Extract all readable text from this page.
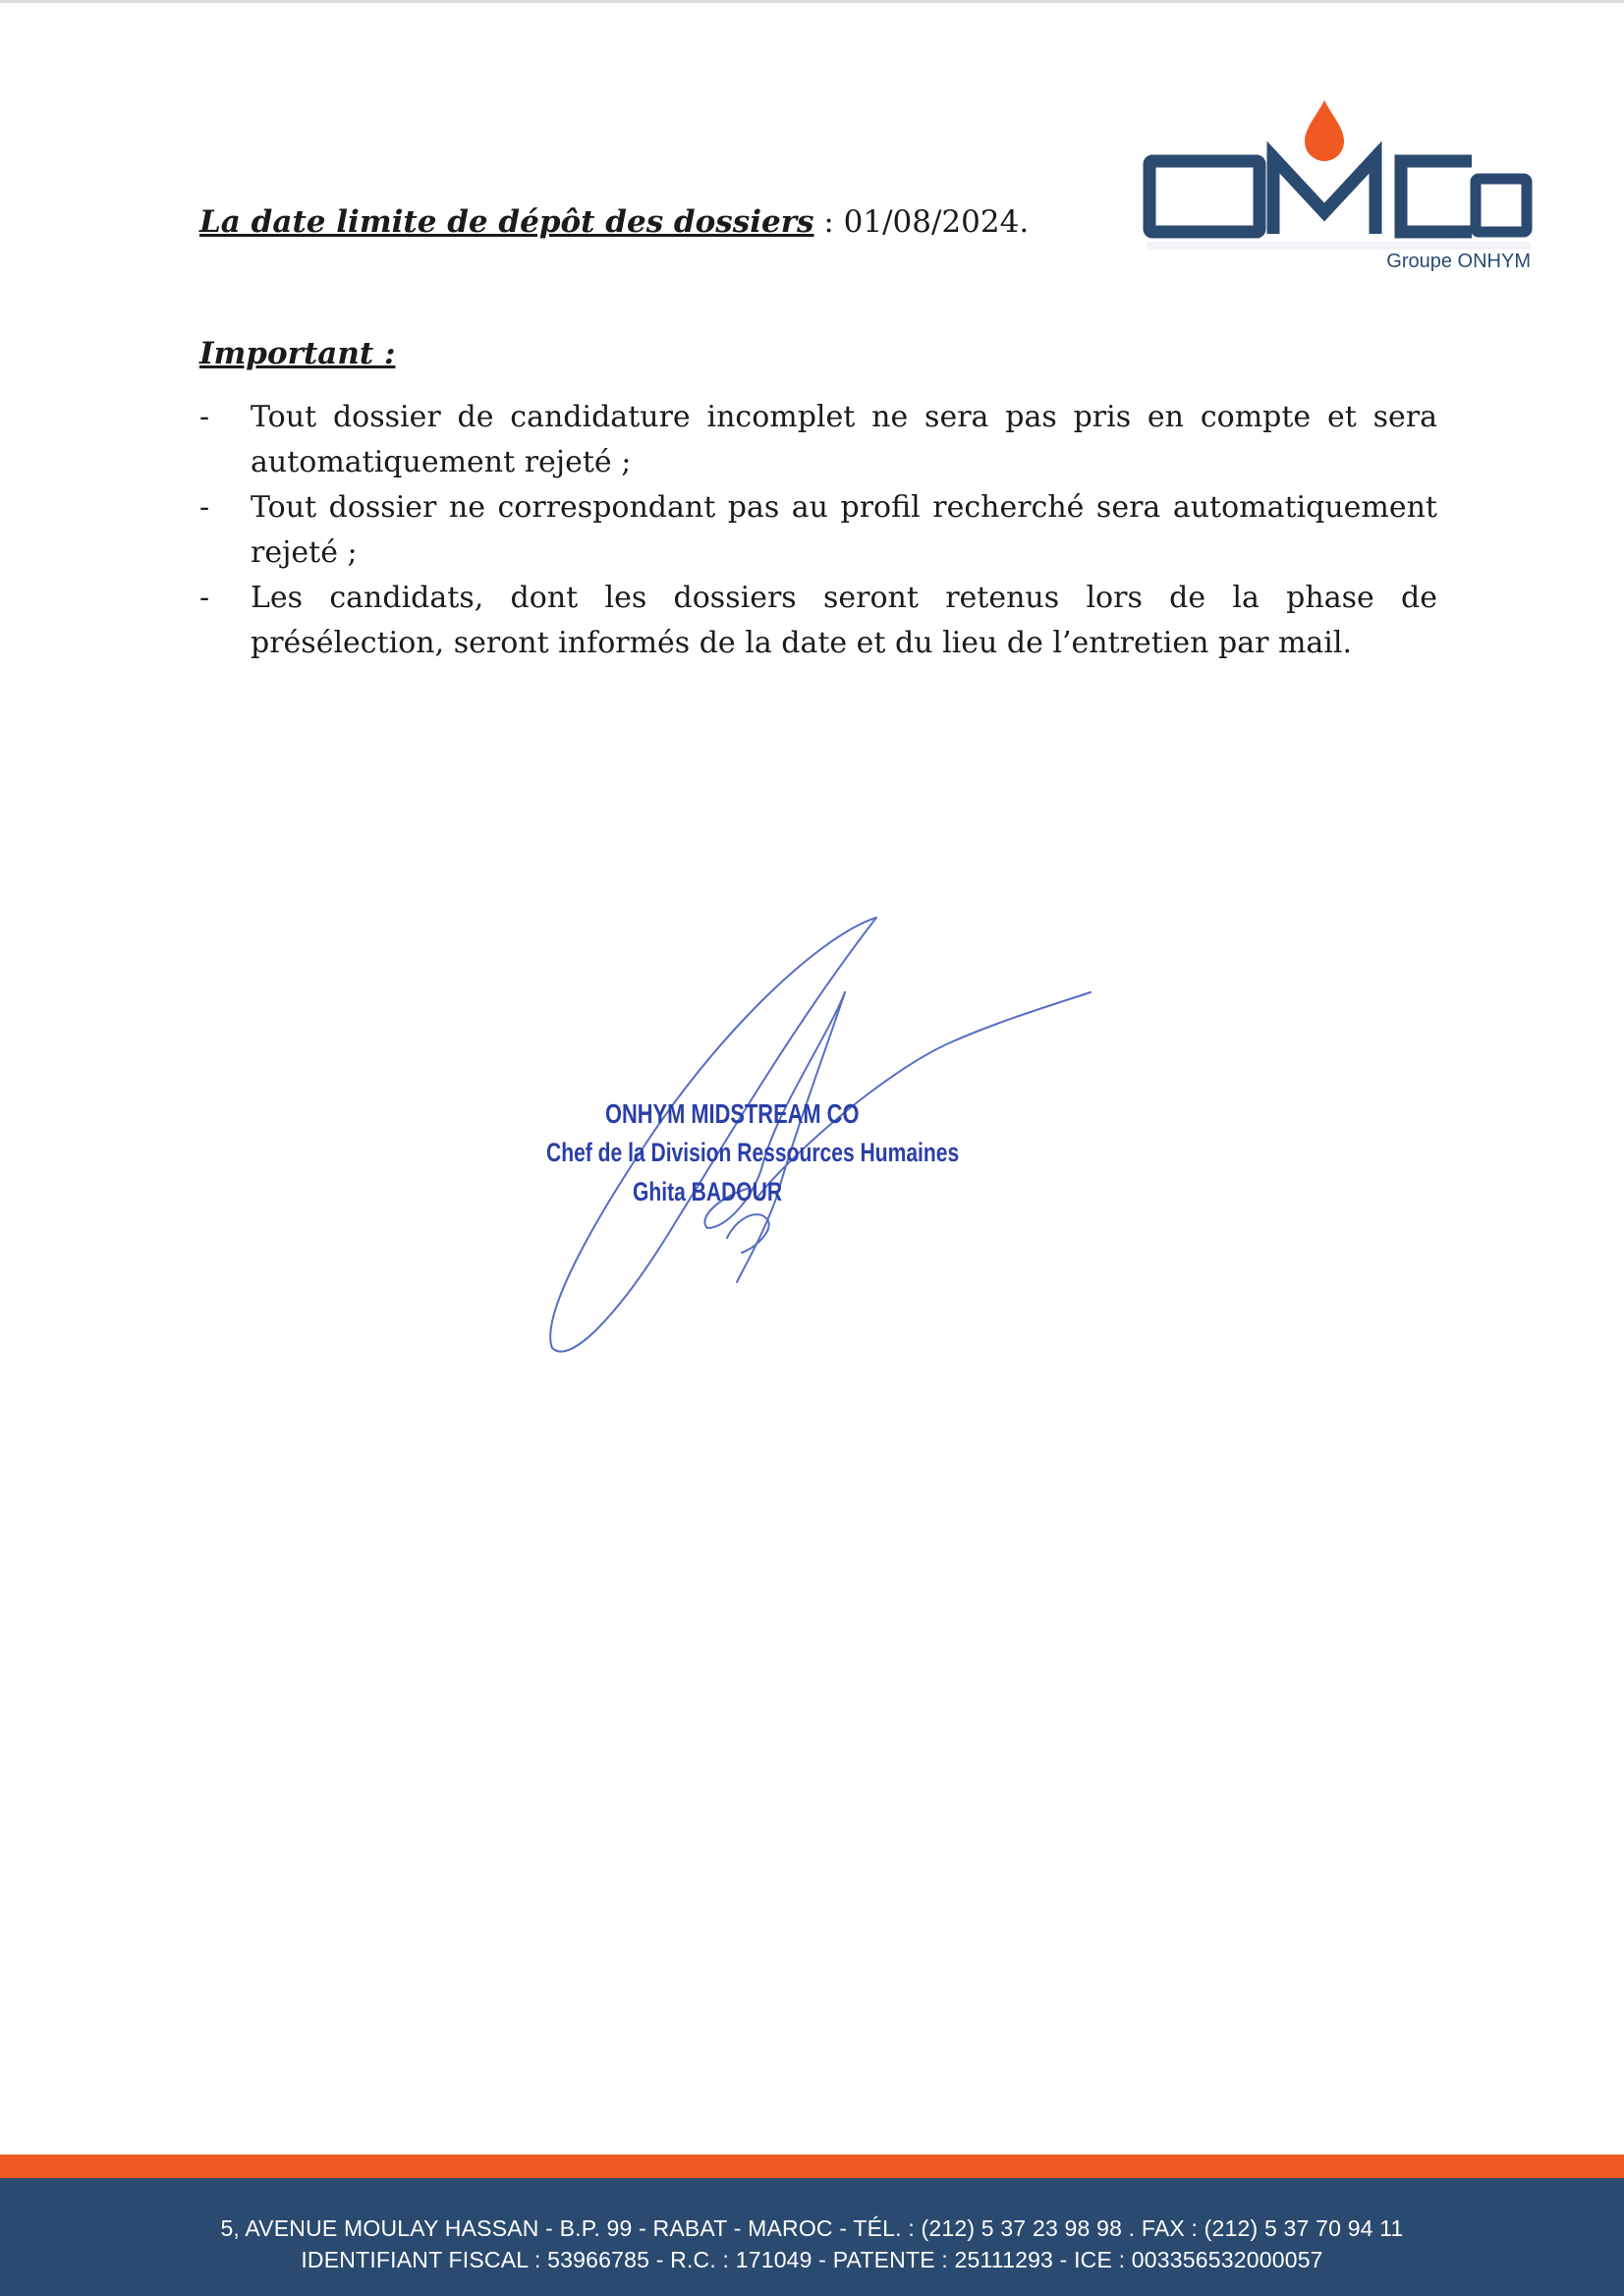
Groupe ONHYM
La date limite de dépôt des dossiers : 01/08/2024.
Important :
- Tout dossier de candidature incomplet ne sera pas pris en compte et sera automatiquement rejeté ;
- Tout dossier ne correspondant pas au profil recherché sera automatiquement rejeté ;
- Les candidats, dont les dossiers seront retenus lors de la phase de présélection, seront informés de la date et du lieu de l’entretien par mail.
ONHYM MIDSTREAM CO
Chef de la Division Ressources Humaines
Ghita BADOUR
5, AVENUE MOULAY HASSAN - B.P. 99 - RABAT - MAROC - TÉL. : (212) 5 37 23 98 98 . FAX : (212) 5 37 70 94 11
IDENTIFIANT FISCAL : 53966785 - R.C. : 171049 - PATENTE : 25111293 - ICE : 003356532000057
